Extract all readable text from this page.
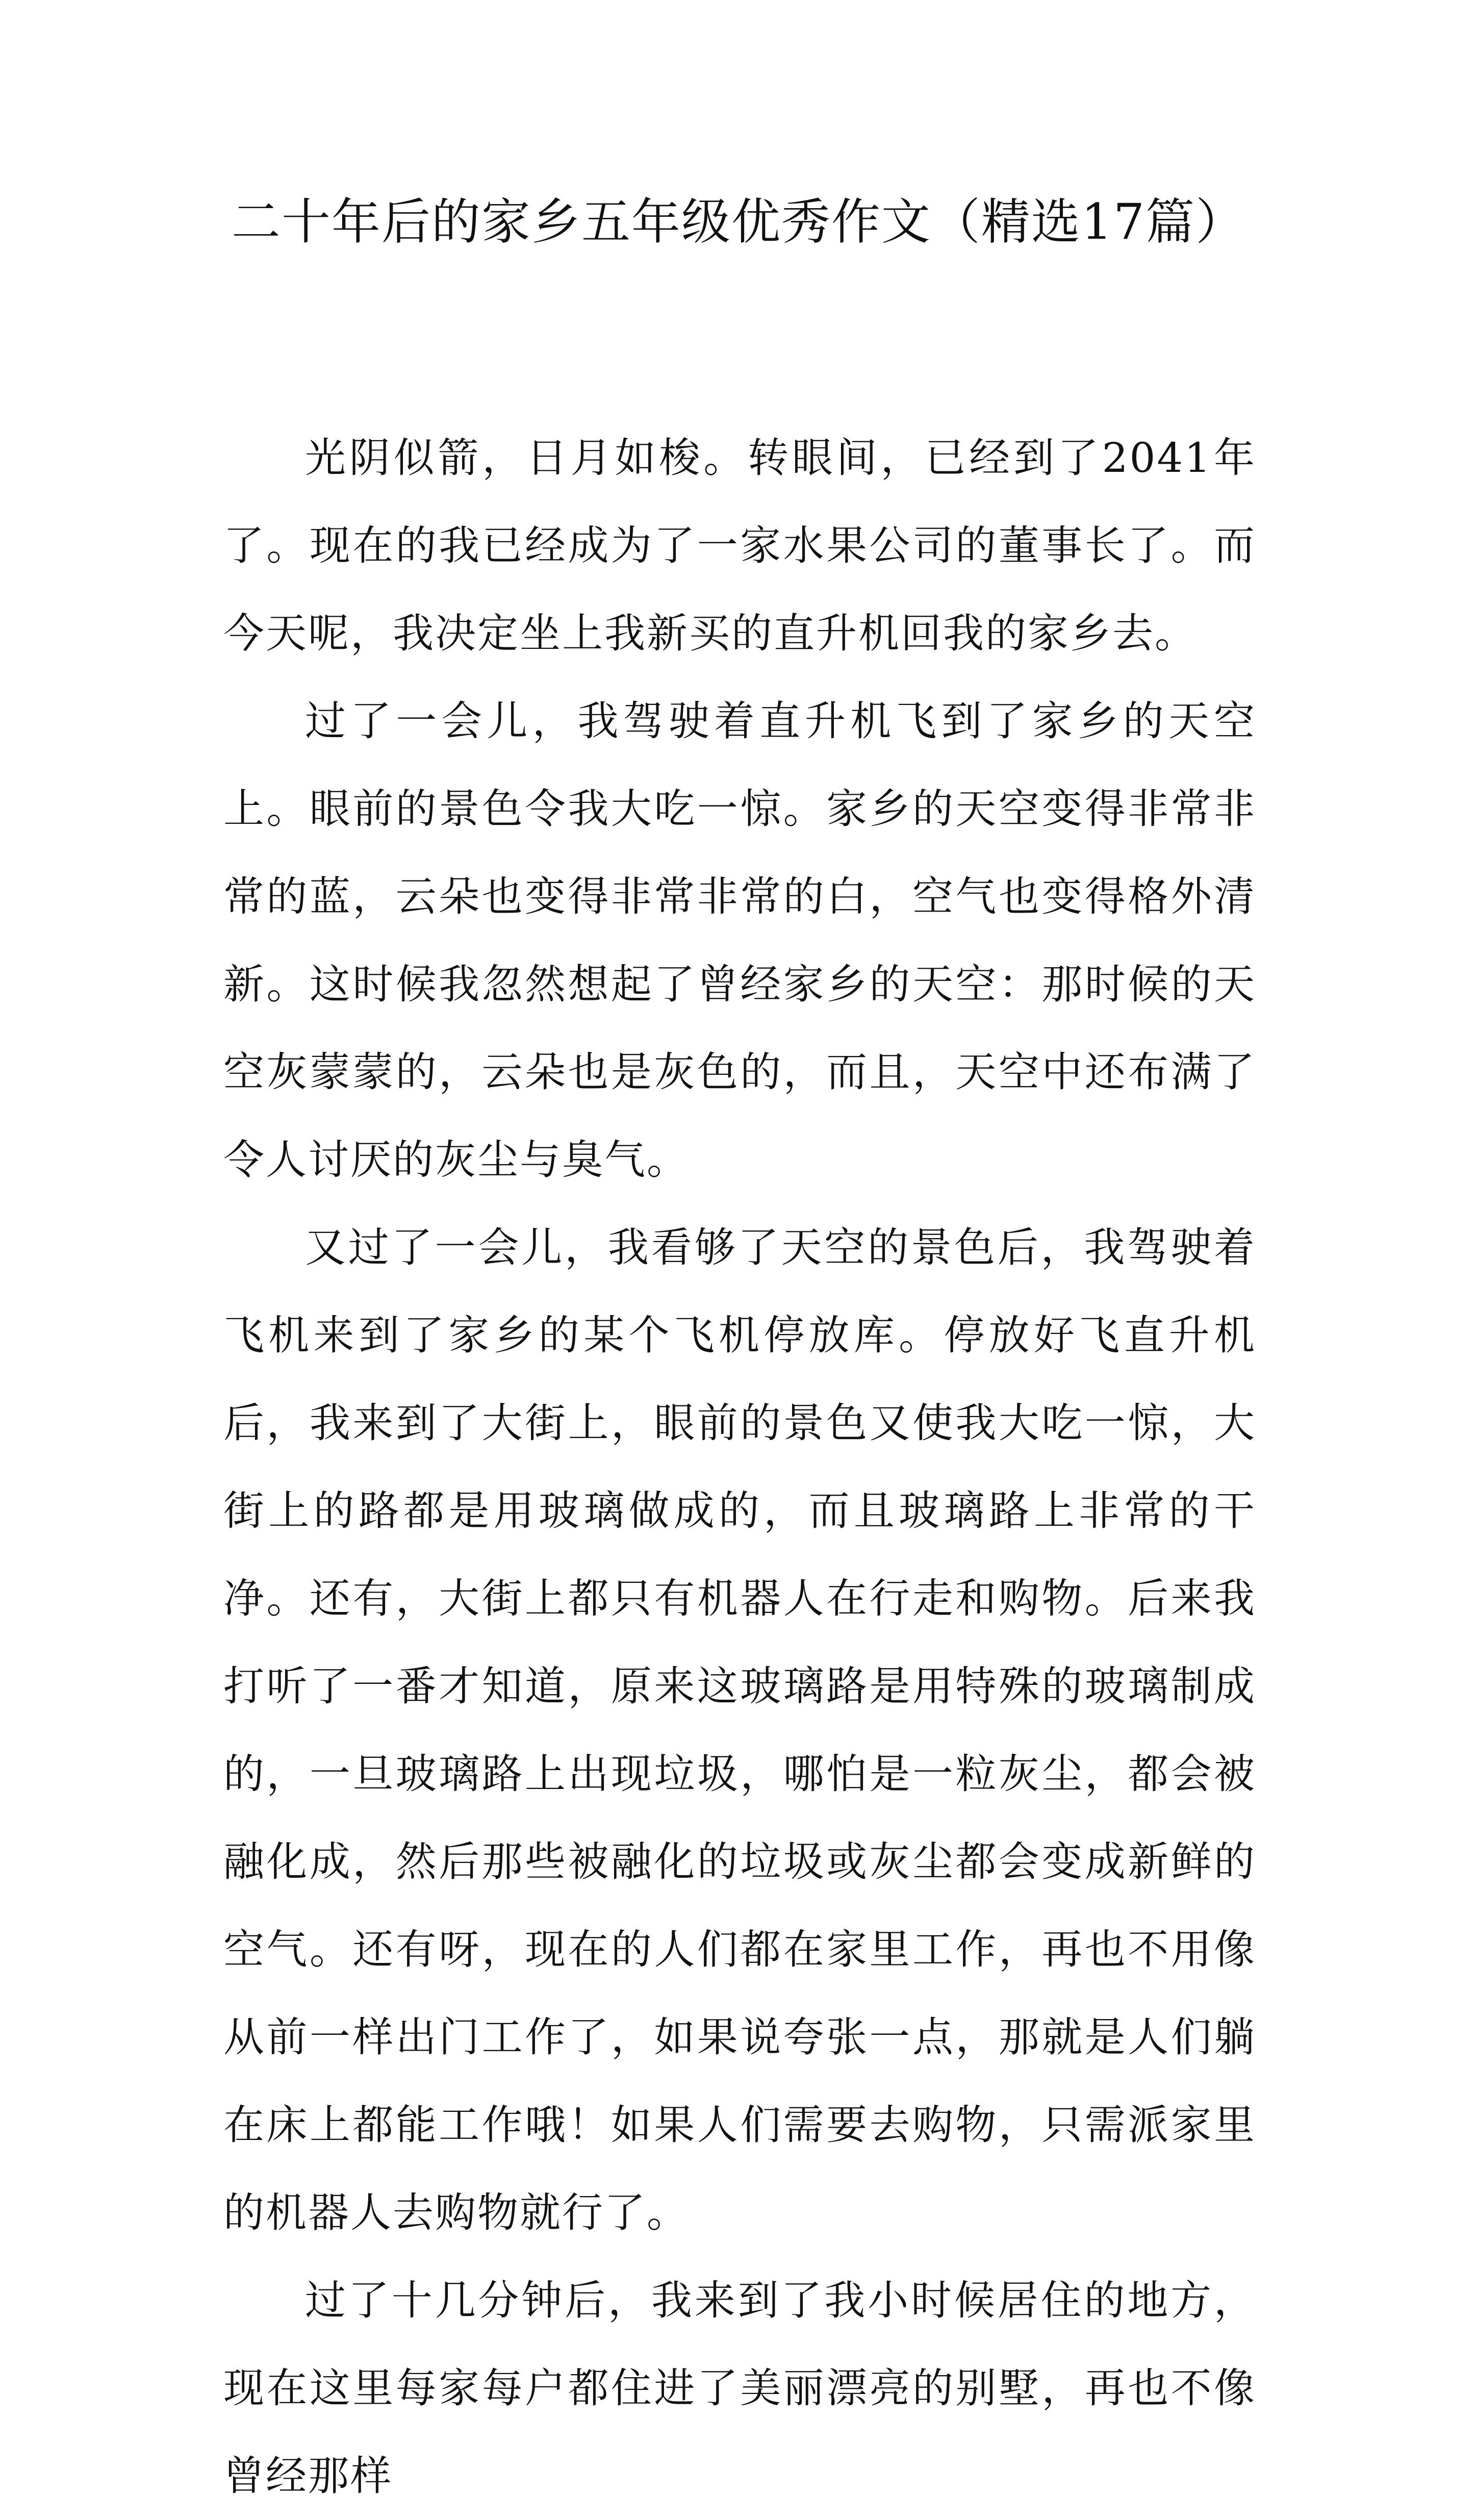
二十年后的家乡五年级优秀作文（精选17篇）

光阴似箭，日月如梭。转眼间，已经到了2041年了。现在的我已经成为了一家水果公司的董事长了。而今天呢，我决定坐上我新买的直升机回我的家乡去。

过了一会儿，我驾驶着直升机飞到了家乡的天空上。眼前的景色令我大吃一惊。家乡的天空变得非常非常的蓝，云朵也变得非常非常的白，空气也变得格外清新。这时候我忽然想起了曾经家乡的天空：那时候的天空灰蒙蒙的，云朵也是灰色的，而且，天空中还布满了令人讨厌的灰尘与臭气。

又过了一会儿，我看够了天空的景色后，我驾驶着飞机来到了家乡的某个飞机停放库。停放好飞直升机后，我来到了大街上，眼前的景色又使我大吃一惊，大街上的路都是用玻璃做成的，而且玻璃路上非常的干净。还有，大街上都只有机器人在行走和购物。后来我打听了一番才知道，原来这玻璃路是用特殊的玻璃制成的，一旦玻璃路上出现垃圾，哪怕是一粒灰尘，都会被融化成，然后那些被融化的垃圾或灰尘都会变成新鲜的空气。还有呀，现在的人们都在家里工作，再也不用像从前一样出门工作了，如果说夸张一点，那就是人们躺在床上都能工作哦！如果人们需要去购物，只需派家里的机器人去购物就行了。

过了十几分钟后，我来到了我小时候居住的地方，现在这里每家每户都住进了美丽漂亮的别墅，再也不像曾经那样
